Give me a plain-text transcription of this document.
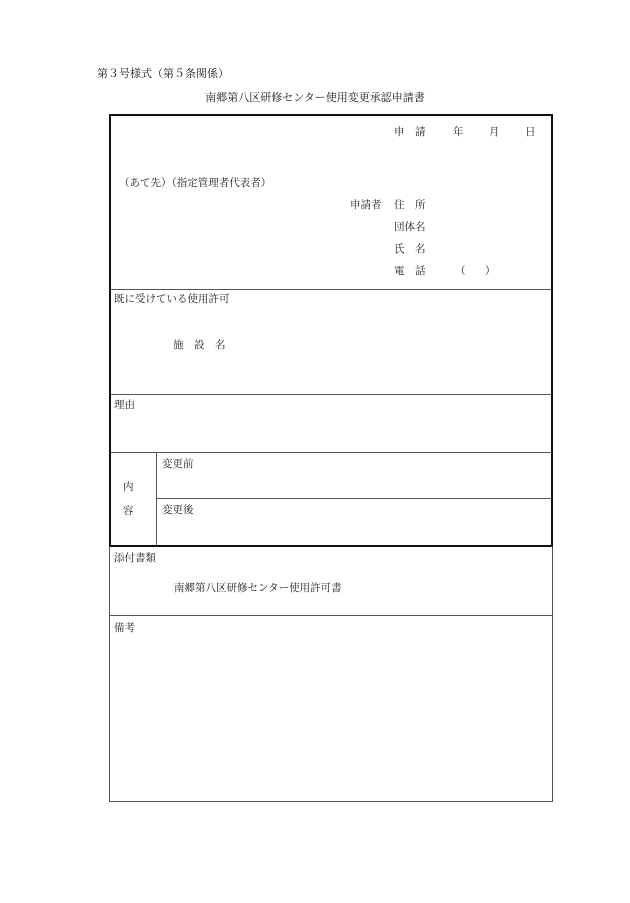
第３号様式（第５条関係）
南郷第八区研修センター使用変更承認申請書
申　請	年 月 日
（あて先）（指定管理者代表者）
申請者 住　所
団体名
氏　名
電　話	（ ）
既に受けている使用許可
施　設　名
理由
内
容
変更前
変更後
添付書類
南郷第八区研修センター使用許可書
備考
